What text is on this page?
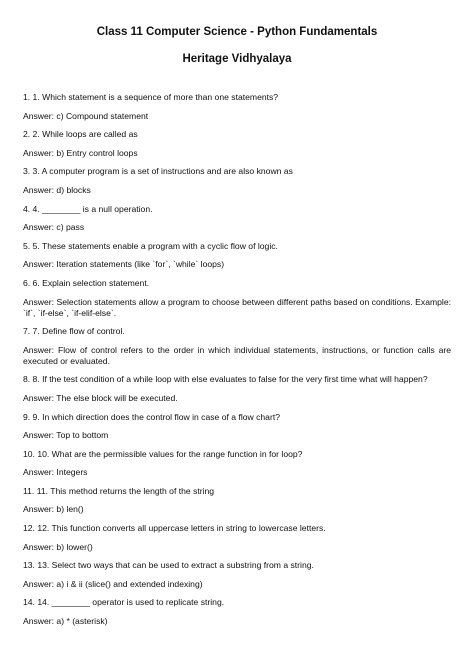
Class 11 Computer Science - Python Fundamentals
Heritage Vidhyalaya
1. 1. Which statement is a sequence of more than one statements?
Answer: c) Compound statement
2. 2. While loops are called as
Answer: b) Entry control loops
3. 3. A computer program is a set of instructions and are also known as
Answer: d) blocks
4. 4. ________ is a null operation.
Answer: c) pass
5. 5. These statements enable a program with a cyclic flow of logic.
Answer: Iteration statements (like `for`, `while` loops)
6. 6. Explain selection statement.
Answer: Selection statements allow a program to choose between different paths based on conditions. Example: `if`, `if-else`, `if-elif-else`.
7. 7. Define flow of control.
Answer: Flow of control refers to the order in which individual statements, instructions, or function calls are executed or evaluated.
8. 8. If the test condition of a while loop with else evaluates to false for the very first time what will happen?
Answer: The else block will be executed.
9. 9. In which direction does the control flow in case of a flow chart?
Answer: Top to bottom
10. 10. What are the permissible values for the range function in for loop?
Answer: Integers
11. 11. This method returns the length of the string
Answer: b) len()
12. 12. This function converts all uppercase letters in string to lowercase letters.
Answer: b) lower()
13. 13. Select two ways that can be used to extract a substring from a string.
Answer: a) i & ii (slice() and extended indexing)
14. 14. ________ operator is used to replicate string.
Answer: a) * (asterisk)
